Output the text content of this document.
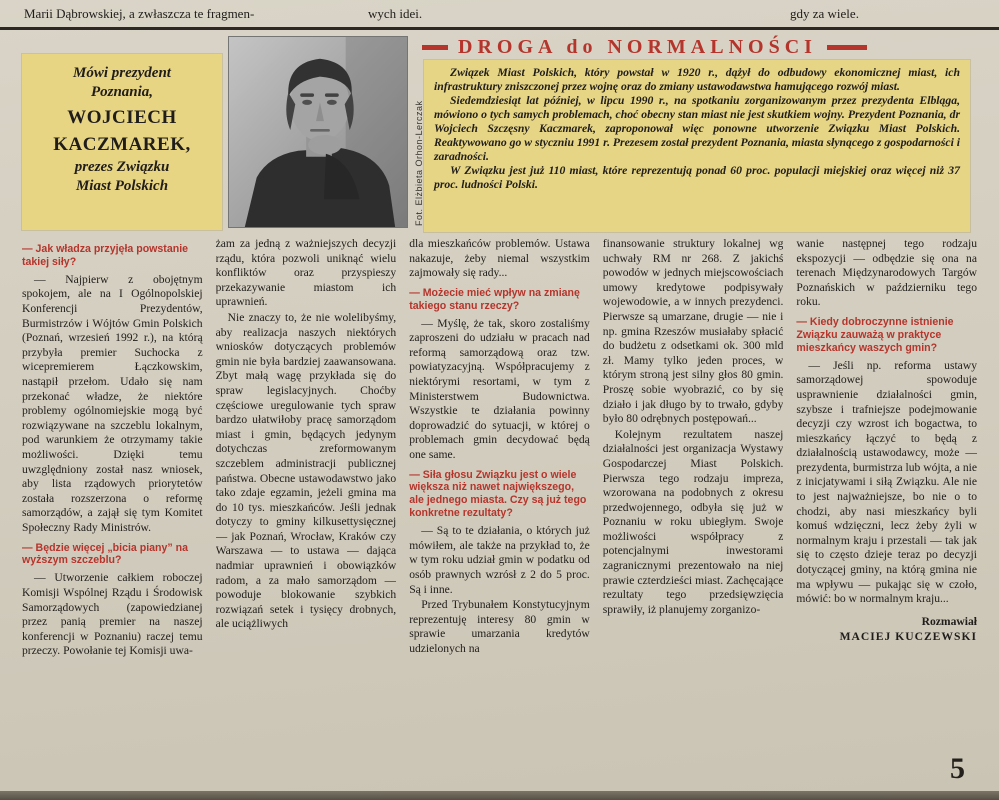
Marii Dąbrowskiej, a zwłaszcza te fragmen-	wych idei.	gdy za wiele.
DROGA do NORMALNOŚCI
Mówi prezydent
Poznania,
WOJCIECH
KACZMAREK,
prezes Związku
Miast Polskich	Fot. Elżbieta Orhon-Lerczak

Związek Miast Polskich, który powstał w 1920 r., dążył do odbudowy ekonomicznej miast, ich infrastruktury zniszczonej przez wojnę oraz do zmiany ustawodawstwa hamującego rozwój miast.

Siedemdziesiąt lat później, w lipcu 1990 r., na spotkaniu zorganizowanym przez prezydenta Elbląga, mówiono o tych samych problemach, choć obecny stan miast nie jest skutkiem wojny. Prezydent Poznania, dr Wojciech Szczęsny Kaczmarek, zaproponował więc ponowne utworzenie Związku Miast Polskich. Reaktywowano go w styczniu 1991 r. Prezesem został prezydent Poznania, miasta słynącego z gospodarności i zaradności.

W Związku jest już 110 miast, które reprezentują ponad 60 proc. populacji miejskiej oraz więcej niż 37 proc. ludności Polski.

— Jak władza przyjęła powstanie takiej siły?

— Najpierw z obojętnym spokojem, ale na I Ogólnopolskiej Konferencji Prezydentów, Burmistrzów i Wójtów Gmin Polskich (Poznań, wrzesień 1992 r.), na którą przybyła premier Suchocka z wicepremierem Łączkowskim, nastąpił przełom. Udało się nam przekonać władze, że niektóre problemy ogólnomiejskie mogą być rozwiązywane na szczeblu lokalnym, pod warunkiem że otrzymamy takie możliwości. Dzięki temu uwzględniony został nasz wniosek, aby lista rządowych priorytetów została rozszerzona o reformę samorządów, a zajął się tym Komitet Społeczny Rady Ministrów.

— Będzie więcej „bicia piany” na wyższym szczeblu?

— Utworzenie całkiem roboczej Komisji Wspólnej Rządu i Środowisk Samorządowych (zapowiedzianej przez panią premier na naszej konferencji w Poznaniu) raczej temu przeczy. Powołanie tej Komisji uwa-

żam za jedną z ważniejszych decyzji rządu, która pozwoli uniknąć wielu konfliktów oraz przyspieszy przekazywanie miastom ich uprawnień.

Nie znaczy to, że nie wolelibyśmy, aby realizacja naszych niektórych wniosków dotyczących problemów gmin nie była bardziej zaawansowana. Zbyt małą wagę przykłada się do spraw legislacyjnych. Choćby częściowe uregulowanie tych spraw bardzo ułatwiłoby pracę samorządom miast i gmin, będących jedynym dotychczas zreformowanym szczeblem administracji publicznej państwa. Obecne ustawodawstwo jako tako zdaje egzamin, jeżeli gmina ma do 10 tys. mieszkańców. Jeśli jednak dotyczy to gminy kilkusettysięcznej — jak Poznań, Wrocław, Kraków czy Warszawa — to ustawa — dająca nadmiar uprawnień i obowiązków radom, a za mało samorządom — powoduje blokowanie szybkich rozwiązań setek i tysięcy drobnych, ale uciążliwych

dla mieszkańców problemów. Ustawa nakazuje, żeby niemal wszystkim zajmowały się rady...

— Możecie mieć wpływ na zmianę takiego stanu rzeczy?

— Myślę, że tak, skoro zostaliśmy zaproszeni do udziału w pracach nad reformą samorządową oraz tzw. powiatyzacyjną. Współpracujemy z niektórymi resortami, w tym z Ministerstwem Budownictwa. Wszystkie te działania powinny doprowadzić do sytuacji, w której o problemach gmin decydować będą one same.

— Siła głosu Związku jest o wiele większa niż nawet największego, ale jednego miasta. Czy są już tego konkretne rezultaty?

— Są to te działania, o których już mówiłem, ale także na przykład to, że w tym roku udział gmin w podatku od osób prawnych wzrósł z 2 do 5 proc. Są i inne.

Przed Trybunałem Konstytucyjnym reprezentuję interesy 80 gmin w sprawie umarzania kredytów udzielonych na

finansowanie struktury lokalnej wg uchwały RM nr 268. Z jakichś powodów w jednych miejscowościach umowy kredytowe podpisywały wojewodowie, a w innych prezydenci. Pierwsze są umarzane, drugie — nie i np. gmina Rzeszów musiałaby spłacić do budżetu z odsetkami ok. 300 mld zł. Mamy tylko jeden proces, w którym stroną jest silny głos 80 gmin. Proszę sobie wyobrazić, co by się działo i jak długo by to trwało, gdyby było 80 odrębnych postępowań...

Kolejnym rezultatem naszej działalności jest organizacja Wystawy Gospodarczej Miast Polskich. Pierwsza tego rodzaju impreza, wzorowana na podobnych z okresu przedwojennego, odbyła się już w Poznaniu w roku ubiegłym. Swoje możliwości współpracy z potencjalnymi inwestorami zagranicznymi prezentowało na niej prawie czterdzieści miast. Zachęcające rezultaty tego przedsięwzięcia sprawiły, iż planujemy zorganizo-

wanie następnej tego rodzaju ekspozycji — odbędzie się ona na terenach Międzynarodowych Targów Poznańskich w październiku tego roku.

— Kiedy dobroczynne istnienie Związku zauważą w praktyce mieszkańcy waszych gmin?

— Jeśli np. reforma ustawy samorządowej spowoduje usprawnienie działalności gmin, szybsze i trafniejsze podejmowanie decyzji czy wzrost ich bogactwa, to mieszkańcy łączyć to będą z działalnością ustawodawcy, może — prezydenta, burmistrza lub wójta, a nie z inicjatywami i siłą Związku. Ale nie to jest najważniejsze, bo nie o to chodzi, aby nasi mieszkańcy byli komuś wdzięczni, lecz żeby żyli w normalnym kraju i przestali — tak jak się to często dzieje teraz po decyzji dotyczącej gminy, na którą gmina nie ma wpływu — pukając się w czoło, mówić: bo w normalnym kraju...

Rozmawiał

MACIEJ KUCZEWSKI

5
